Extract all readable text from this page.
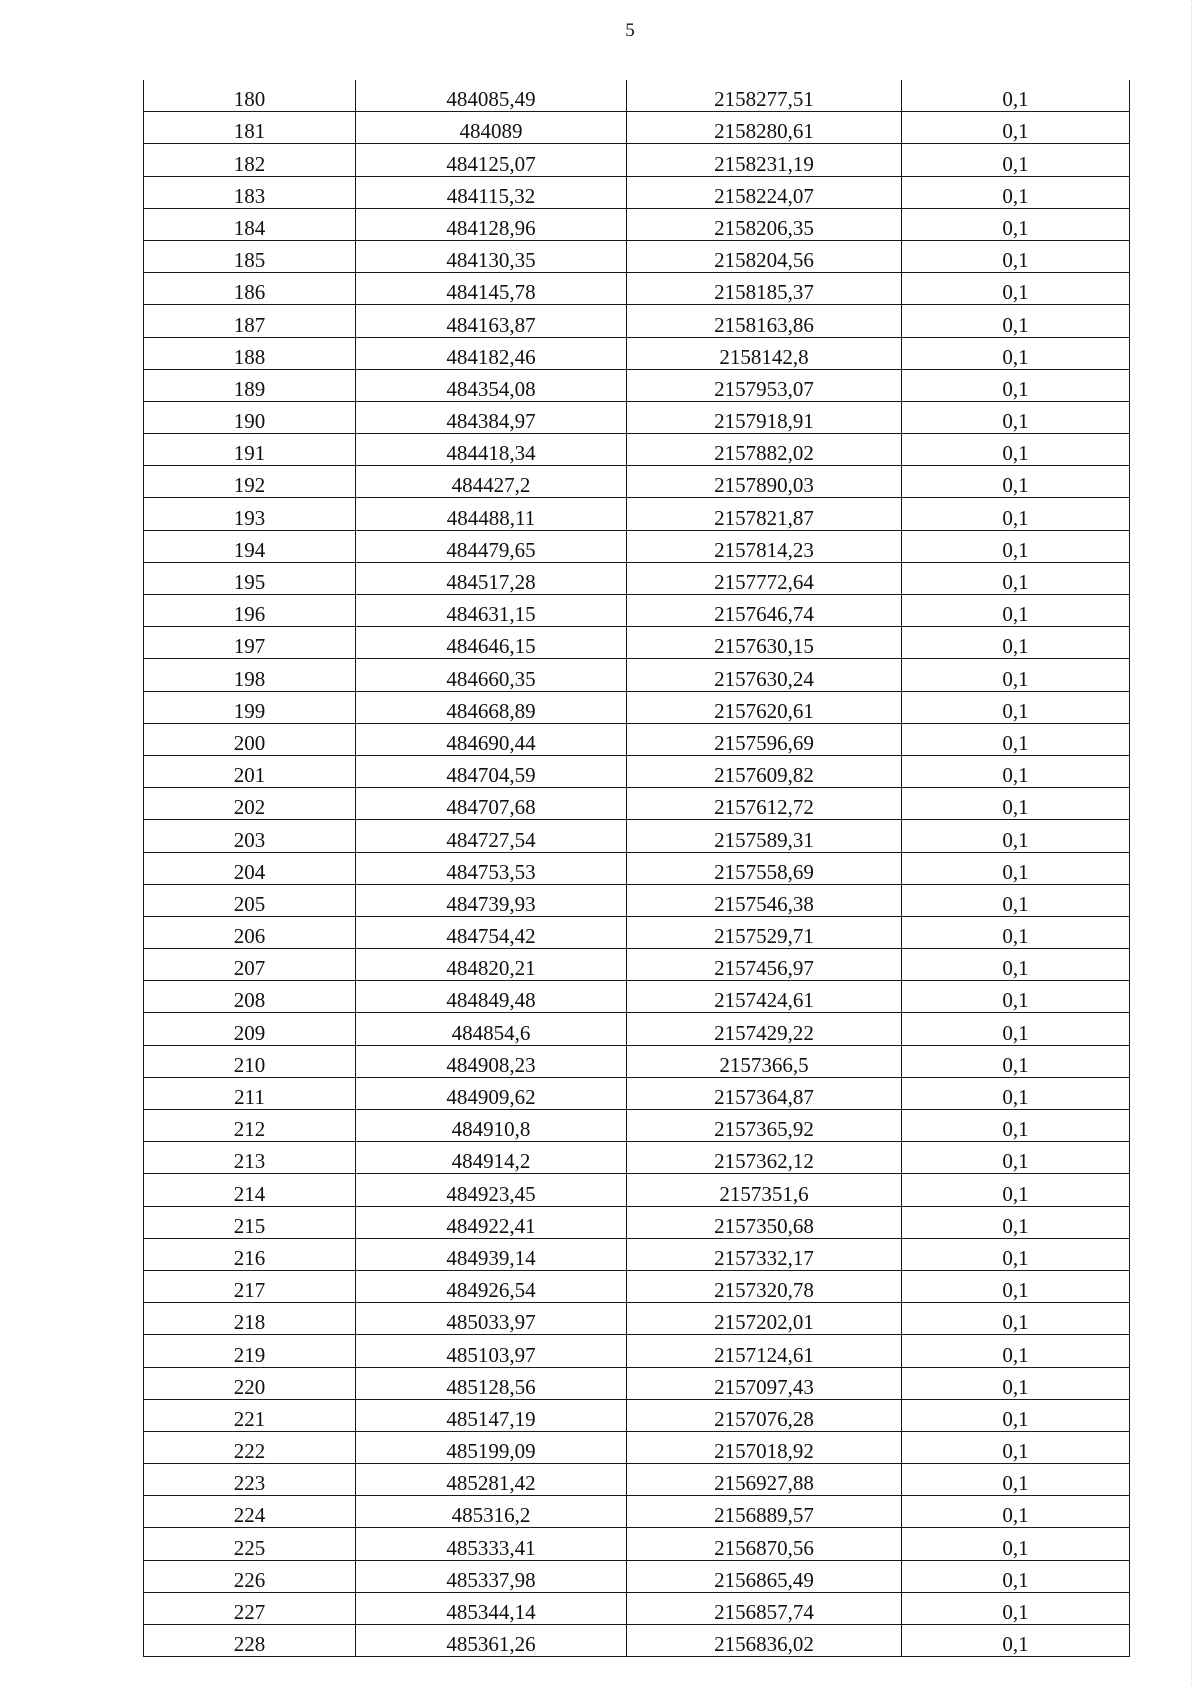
5
180	484085,49	2158277,51	0,1
181	484089	2158280,61	0,1
182	484125,07	2158231,19	0,1
183	484115,32	2158224,07	0,1
184	484128,96	2158206,35	0,1
185	484130,35	2158204,56	0,1
186	484145,78	2158185,37	0,1
187	484163,87	2158163,86	0,1
188	484182,46	2158142,8	0,1
189	484354,08	2157953,07	0,1
190	484384,97	2157918,91	0,1
191	484418,34	2157882,02	0,1
192	484427,2	2157890,03	0,1
193	484488,11	2157821,87	0,1
194	484479,65	2157814,23	0,1
195	484517,28	2157772,64	0,1
196	484631,15	2157646,74	0,1
197	484646,15	2157630,15	0,1
198	484660,35	2157630,24	0,1
199	484668,89	2157620,61	0,1
200	484690,44	2157596,69	0,1
201	484704,59	2157609,82	0,1
202	484707,68	2157612,72	0,1
203	484727,54	2157589,31	0,1
204	484753,53	2157558,69	0,1
205	484739,93	2157546,38	0,1
206	484754,42	2157529,71	0,1
207	484820,21	2157456,97	0,1
208	484849,48	2157424,61	0,1
209	484854,6	2157429,22	0,1
210	484908,23	2157366,5	0,1
211	484909,62	2157364,87	0,1
212	484910,8	2157365,92	0,1
213	484914,2	2157362,12	0,1
214	484923,45	2157351,6	0,1
215	484922,41	2157350,68	0,1
216	484939,14	2157332,17	0,1
217	484926,54	2157320,78	0,1
218	485033,97	2157202,01	0,1
219	485103,97	2157124,61	0,1
220	485128,56	2157097,43	0,1
221	485147,19	2157076,28	0,1
222	485199,09	2157018,92	0,1
223	485281,42	2156927,88	0,1
224	485316,2	2156889,57	0,1
225	485333,41	2156870,56	0,1
226	485337,98	2156865,49	0,1
227	485344,14	2156857,74	0,1
228	485361,26	2156836,02	0,1
